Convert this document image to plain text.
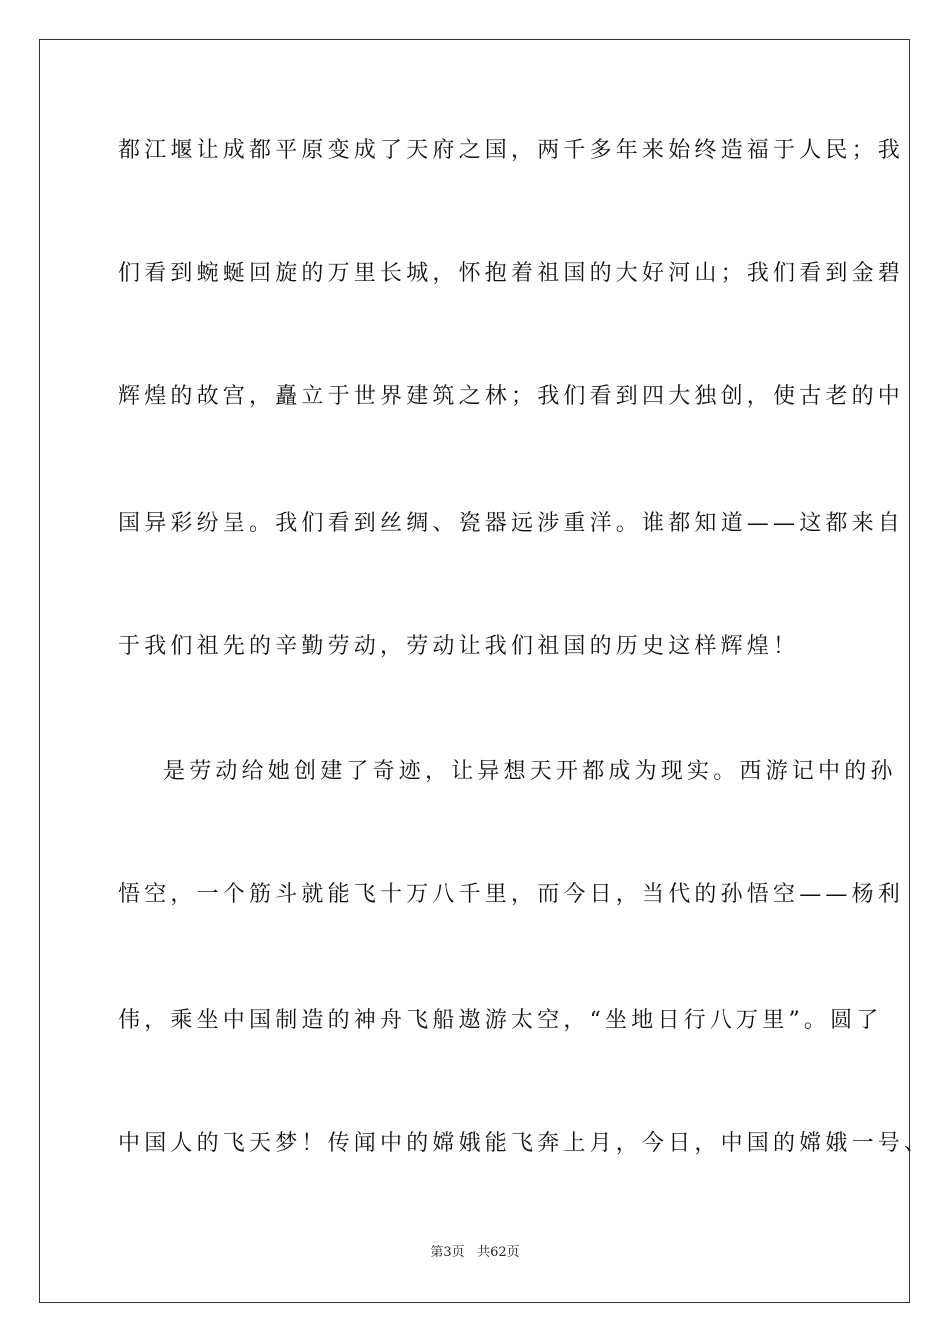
都江堰让成都平原变成了天府之国，两千多年来始终造福于人民；我
们看到蜿蜒回旋的万里长城，怀抱着祖国的大好河山；我们看到金碧
辉煌的故宫，矗立于世界建筑之林；我们看到四大独创，使古老的中
国异彩纷呈。我们看到丝绸、瓷器远涉重洋。谁都知道——这都来自
于我们祖先的辛勤劳动，劳动让我们祖国的历史这样辉煌！
是劳动给她创建了奇迹，让异想天开都成为现实。西游记中的孙
悟空，一个筋斗就能飞十万八千里，而今日，当代的孙悟空——杨利
伟，乘坐中国制造的神舟飞船遨游太空，“坐地日行八万里”。圆了
中国人的飞天梦！传闻中的嫦娥能飞奔上月，今日，中国的嫦娥一号、
第3页 共62页
